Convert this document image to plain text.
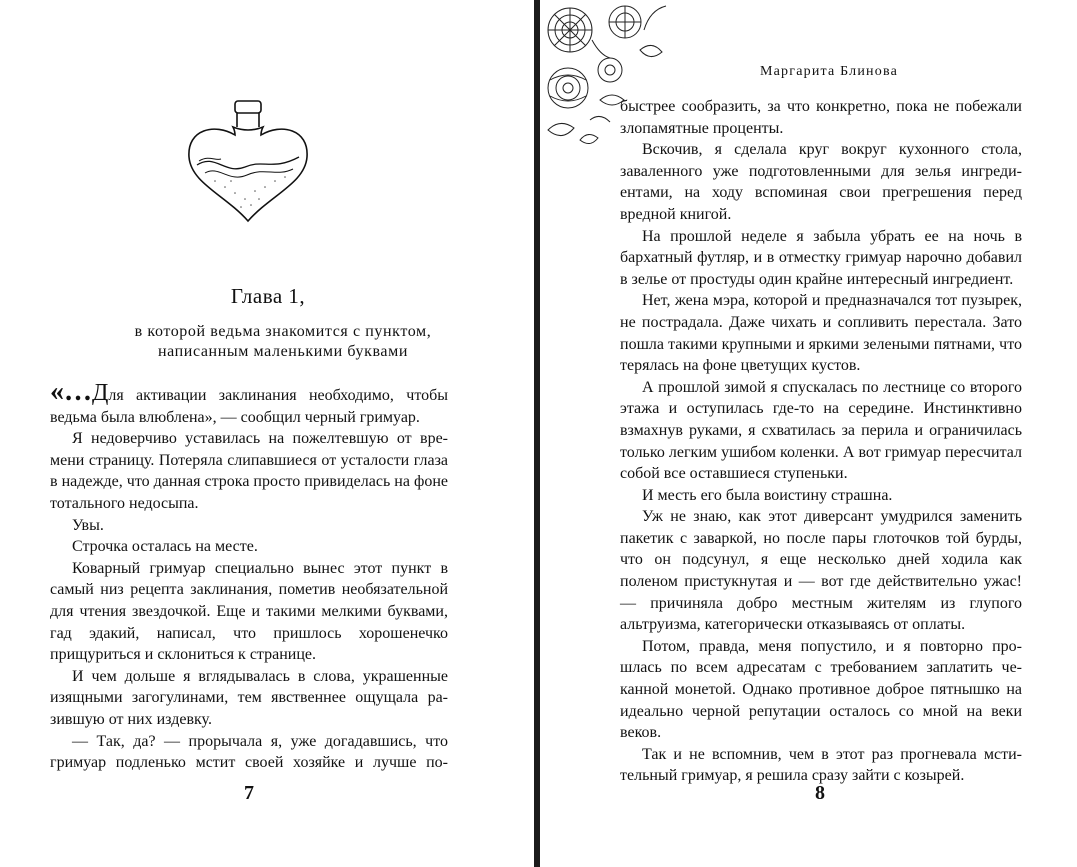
Глава 1,
в которой ведьма знакомится с пунктом,
написанным маленькими буквами

«…Для активации заклинания необходимо, чтобы ведьма была влюблена», — сообщил черный гримуар.

Я недоверчиво уставилась на пожелтевшую от времени страницу. Потеряла слипавшиеся от усталости глаза в надежде, что данная строка просто привиделась на фоне тотального недосыпа.

Увы.

Строчка осталась на месте.

Коварный гримуар специально вынес этот пункт в самый низ рецепта заклинания, пометив необязательной для чтения звездочкой. Еще и такими мелкими буквами, гад эдакий, написал, что пришлось хорошенечко прищуриться и склониться к странице.

И чем дольше я вглядывалась в слова, украшенные изящными загогулинами, тем явственнее ощущала разившую от них издевку.

— Так, да? — прорычала я, уже догадавшись, что гримуар подленько мстит своей хозяйке и лучше по-

7
Маргарита Блинова

быстрее сообразить, за что конкретно, пока не побежали злопамятные проценты.

Вскочив, я сделала круг вокруг кухонного стола, заваленного уже подготовленными для зелья ингредиентами, на ходу вспоминая свои прегрешения перед вредной книгой.

На прошлой неделе я забыла убрать ее на ночь в бархатный футляр, и в отместку гримуар нарочно добавил в зелье от простуды один крайне интересный ингредиент.

Нет, жена мэра, которой и предназначался тот пузырек, не пострадала. Даже чихать и сопливить перестала. Зато пошла такими крупными и яркими зелеными пятнами, что терялась на фоне цветущих кустов.

А прошлой зимой я спускалась по лестнице со второго этажа и оступилась где-то на середине. Инстинктивно взмахнув руками, я схватилась за перила и ограничилась только легким ушибом коленки. А вот гримуар пересчитал собой все оставшиеся ступеньки.

И месть его была воистину страшна.

Уж не знаю, как этот диверсант умудрился заменить пакетик с заваркой, но после пары глоточков той бурды, что он подсунул, я еще несколько дней ходила как поленом пристукнутая и — вот где действительно ужас! — причиняла добро местным жителям из глупого альтруизма, категорически отказываясь от оплаты.

Потом, правда, меня попустило, и я повторно прошлась по всем адресатам с требованием заплатить чеканной монетой. Однако противное доброе пятнышко на идеально черной репутации осталось со мной на веки веков.

Так и не вспомнив, чем в этот раз прогневала мстительный гримуар, я решила сразу зайти с козырей.

8
